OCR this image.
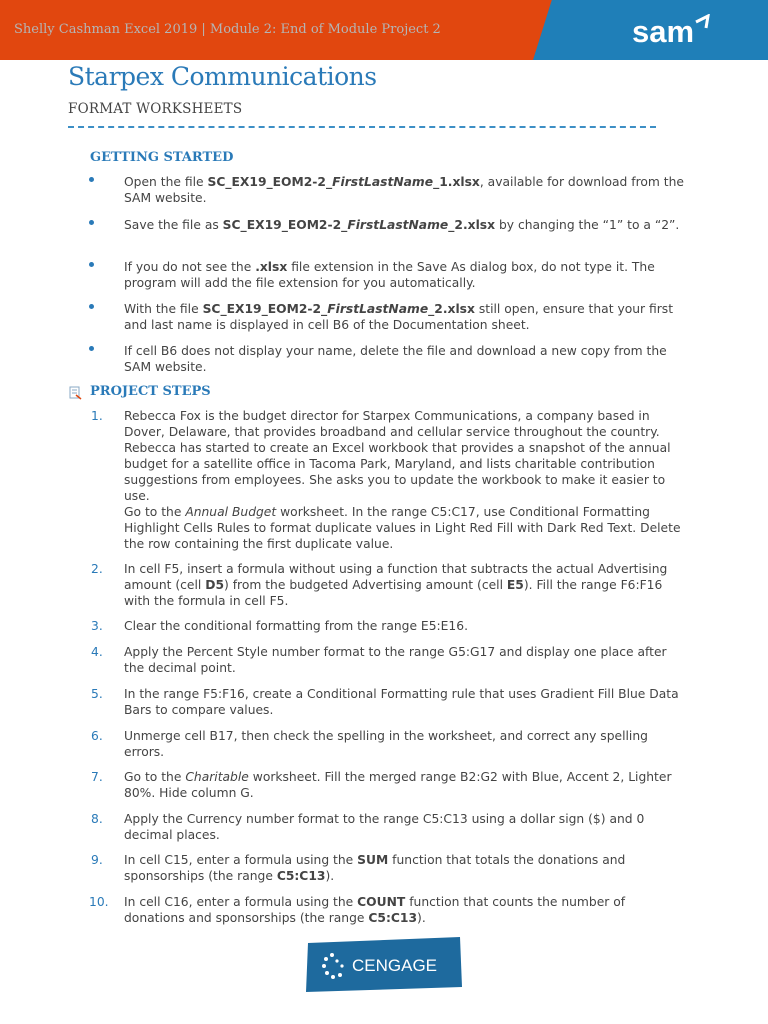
Shelly Cashman Excel 2019 | Module 2: End of Module Project 2	sam
Starpex Communications
FORMAT WORKSHEETS
GETTING STARTED
Open the file SC_EX19_EOM2-2_FirstLastName_1.xlsx, available for download from the SAM website.
Save the file as SC_EX19_EOM2-2_FirstLastName_2.xlsx by changing the “1” to a “2”.
If you do not see the .xlsx file extension in the Save As dialog box, do not type it. The program will add the file extension for you automatically.
With the file SC_EX19_EOM2-2_FirstLastName_2.xlsx still open, ensure that your first and last name is displayed in cell B6 of the Documentation sheet.
If cell B6 does not display your name, delete the file and download a new copy from the SAM website.
PROJECT STEPS
1. Rebecca Fox is the budget director for Starpex Communications, a company based in Dover, Delaware, that provides broadband and cellular service throughout the country. Rebecca has started to create an Excel workbook that provides a snapshot of the annual budget for a satellite office in Tacoma Park, Maryland, and lists charitable contribution suggestions from employees. She asks you to update the workbook to make it easier to use.
Go to the Annual Budget worksheet. In the range C5:C17, use Conditional Formatting Highlight Cells Rules to format duplicate values in Light Red Fill with Dark Red Text. Delete the row containing the first duplicate value.
2. In cell F5, insert a formula without using a function that subtracts the actual Advertising amount (cell D5) from the budgeted Advertising amount (cell E5). Fill the range F6:F16 with the formula in cell F5.
3. Clear the conditional formatting from the range E5:E16.
4. Apply the Percent Style number format to the range G5:G17 and display one place after the decimal point.
5. In the range F5:F16, create a Conditional Formatting rule that uses Gradient Fill Blue Data Bars to compare values.
6. Unmerge cell B17, then check the spelling in the worksheet, and correct any spelling errors.
7. Go to the Charitable worksheet. Fill the merged range B2:G2 with Blue, Accent 2, Lighter 80%. Hide column G.
8. Apply the Currency number format to the range C5:C13 using a dollar sign ($) and 0 decimal places.
9. In cell C15, enter a formula using the SUM function that totals the donations and sponsorships (the range C5:C13).
10. In cell C16, enter a formula using the COUNT function that counts the number of donations and sponsorships (the range C5:C13).
CENGAGE
